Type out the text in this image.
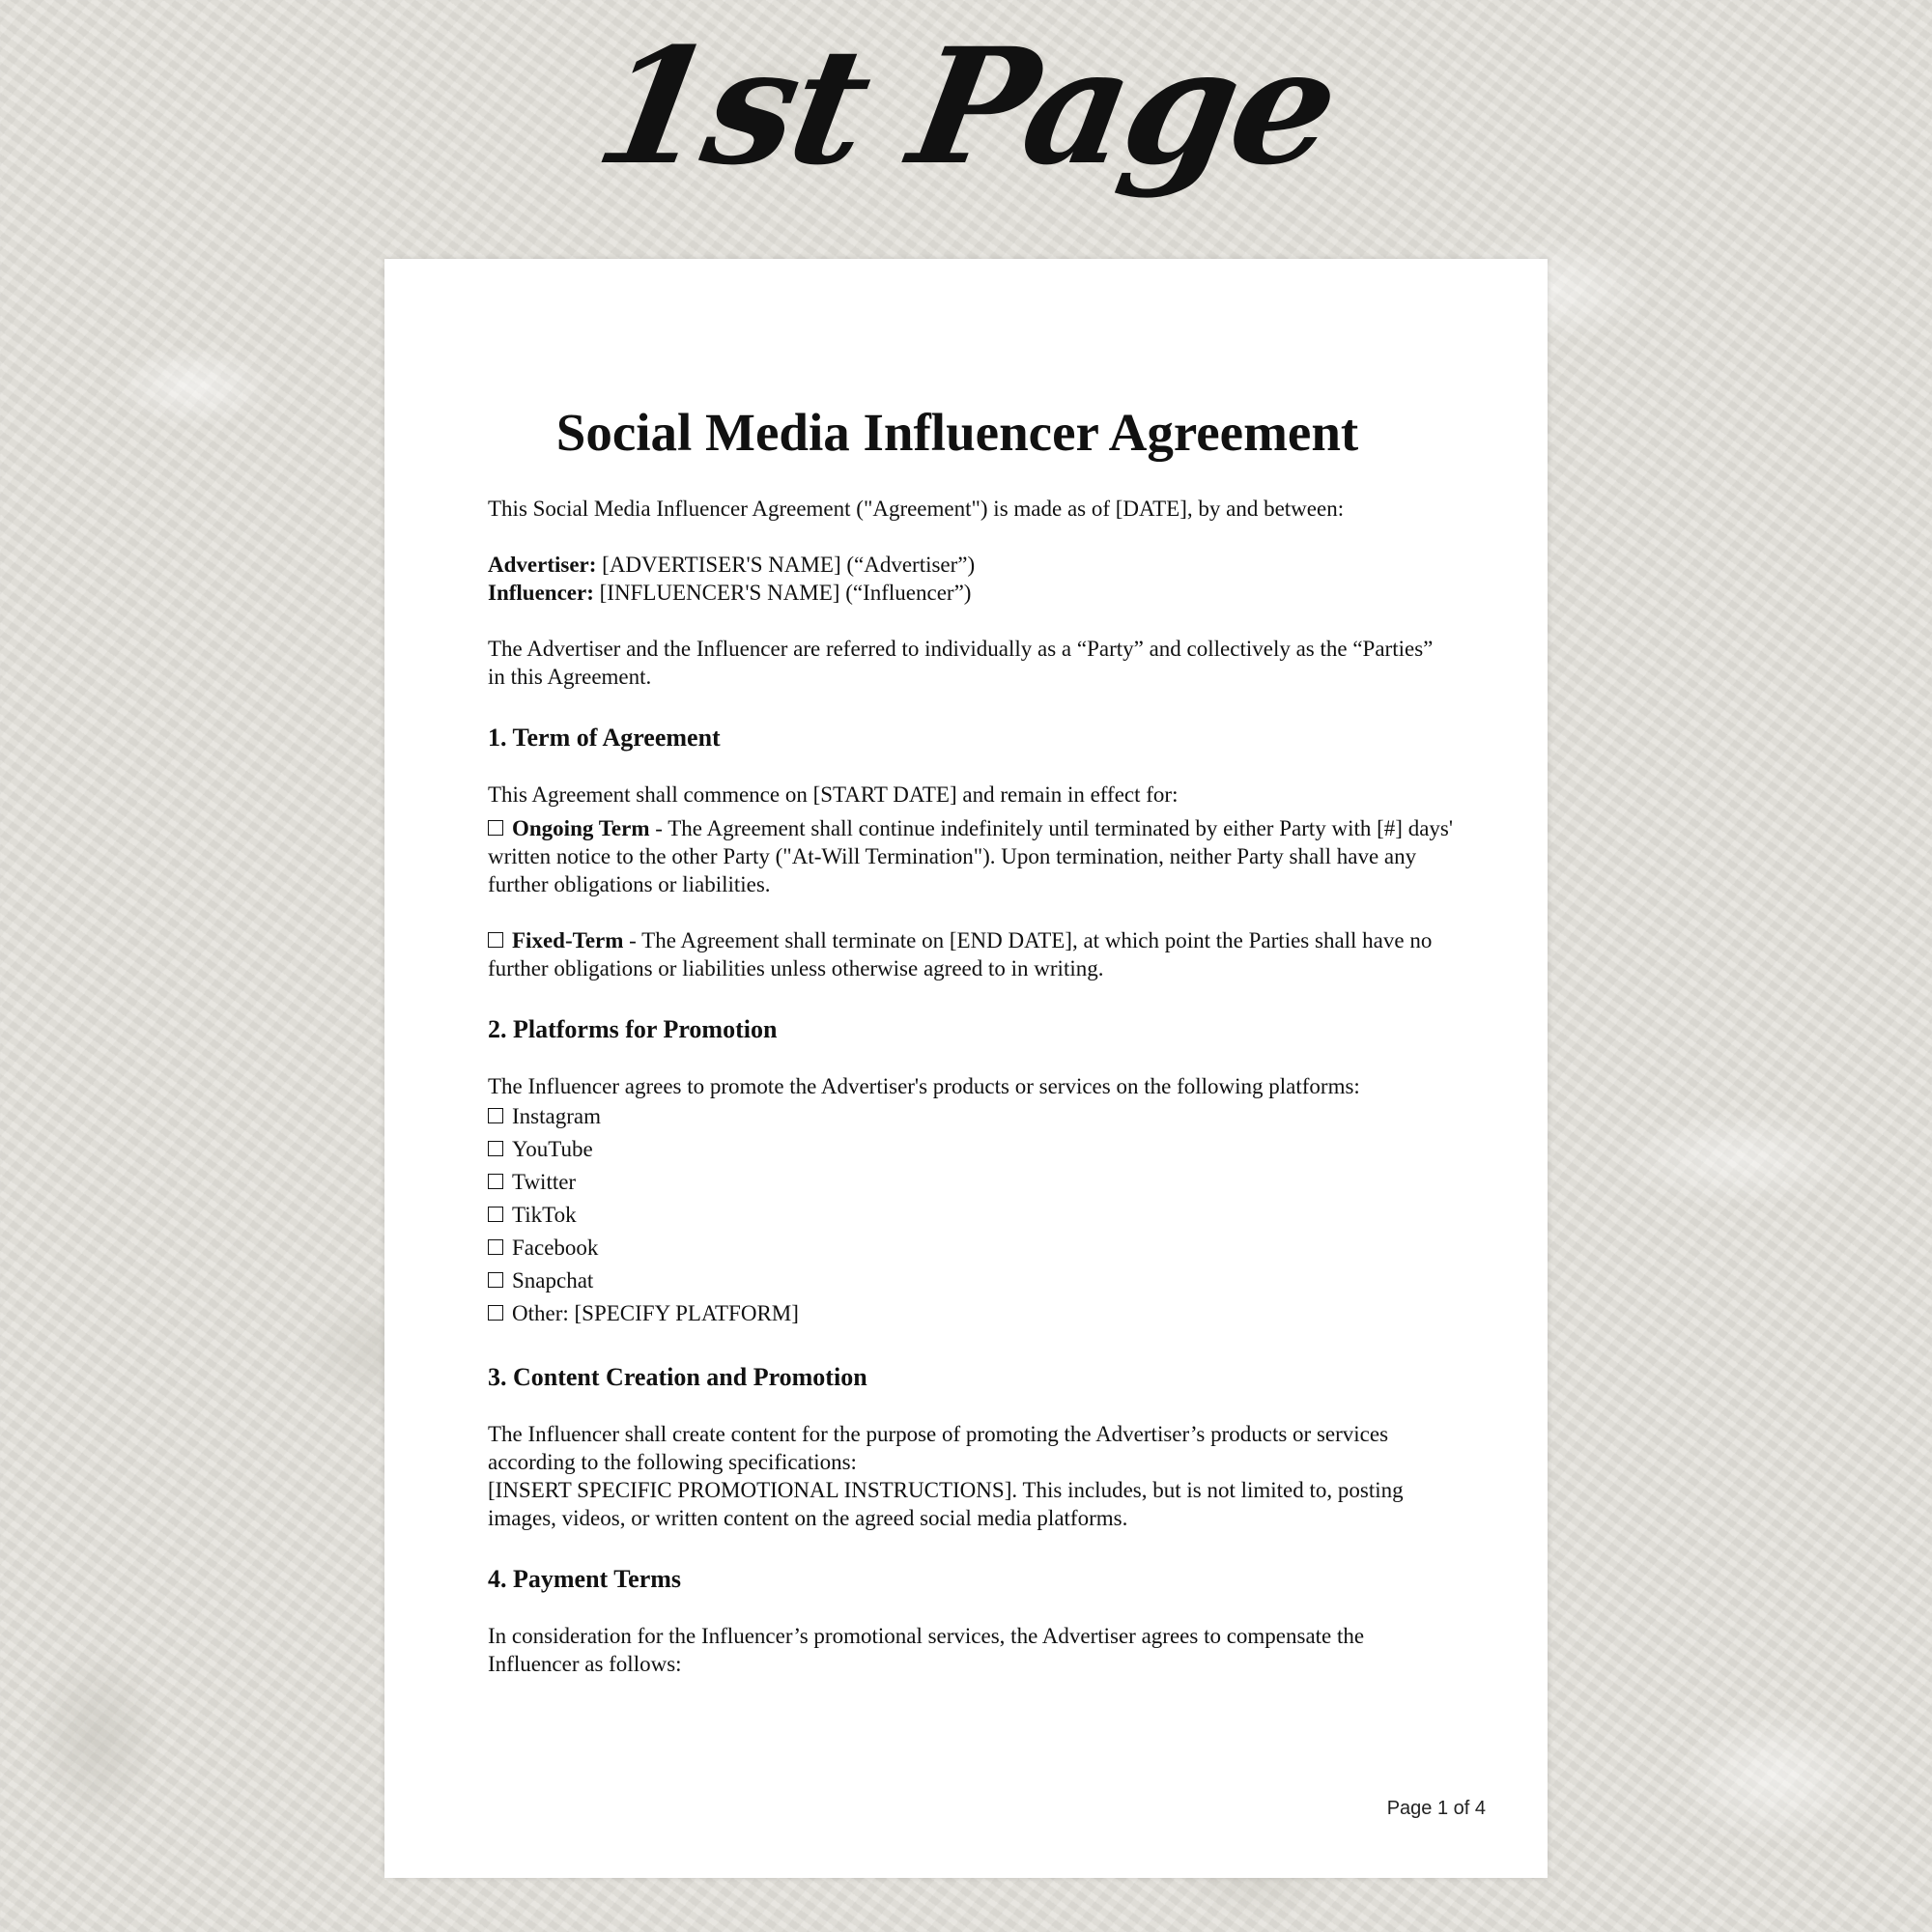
1st Page
Social Media Influencer Agreement

This Social Media Influencer Agreement ("Agreement") is made as of [DATE], by and between:

Advertiser: [ADVERTISER'S NAME] (“Advertiser”)

Influencer: [INFLUENCER'S NAME] (“Influencer”)

The Advertiser and the Influencer are referred to individually as a “Party” and collectively as the “Parties” in this Agreement.

1. Term of Agreement

This Agreement shall commence on [START DATE] and remain in effect for:

Ongoing Term - The Agreement shall continue indefinitely until terminated by either Party with [#] days' written notice to the other Party ("At-Will Termination"). Upon termination, neither Party shall have any further obligations or liabilities.

Fixed-Term - The Agreement shall terminate on [END DATE], at which point the Parties shall have no further obligations or liabilities unless otherwise agreed to in writing.

2. Platforms for Promotion

The Influencer agrees to promote the Advertiser's products or services on the following platforms:

Instagram
YouTube
Twitter
TikTok
Facebook
Snapchat
Other: [SPECIFY PLATFORM]
3. Content Creation and Promotion

The Influencer shall create content for the purpose of promoting the Advertiser’s products or services according to the following specifications:

[INSERT SPECIFIC PROMOTIONAL INSTRUCTIONS]. This includes, but is not limited to, posting images, videos, or written content on the agreed social media platforms.

4. Payment Terms

In consideration for the Influencer’s promotional services, the Advertiser agrees to compensate the Influencer as follows:

Page 1 of 4
